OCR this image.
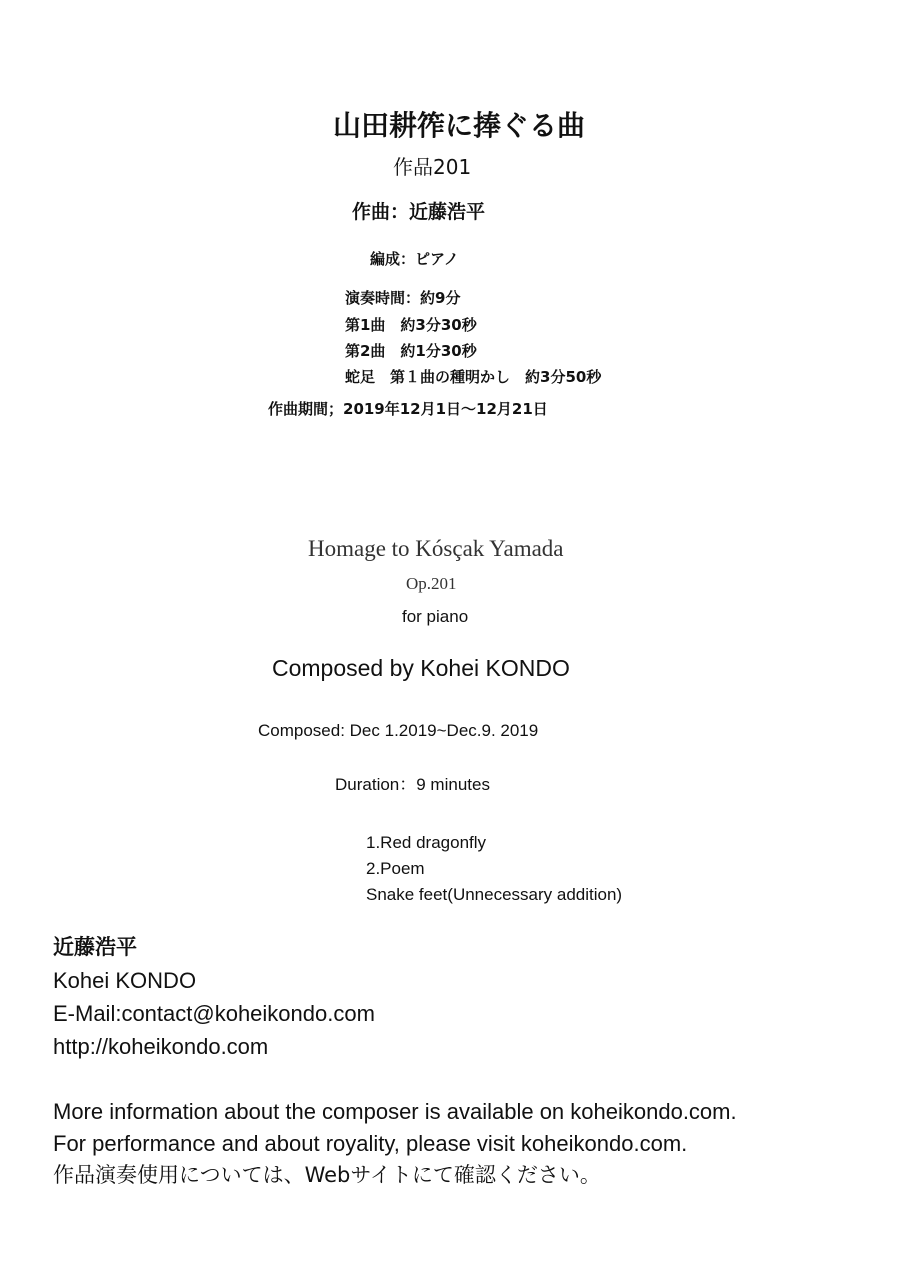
山田耕筰に捧ぐる曲
作品201
作曲：近藤浩平
編成：ピアノ
演奏時間：約9分
第1曲　約3分30秒
第2曲　約1分30秒
蛇足　第１曲の種明かし　約3分50秒
作曲期間；2019年12月1日〜12月21日
Homage to Kósçak Yamada
Op.201
for piano
Composed by Kohei KONDO
Composed: Dec 1.2019~Dec.9. 2019
Duration：9 minutes
1.Red dragonfly
2.Poem
Snake feet(Unnecessary addition)
近藤浩平
Kohei KONDO
E-Mail:contact@koheikondo.com
http://koheikondo.com
More information about the composer is available on koheikondo.com.
For performance and about royality, please visit koheikondo.com.
作品演奏使用については、Webサイトにて確認ください。
